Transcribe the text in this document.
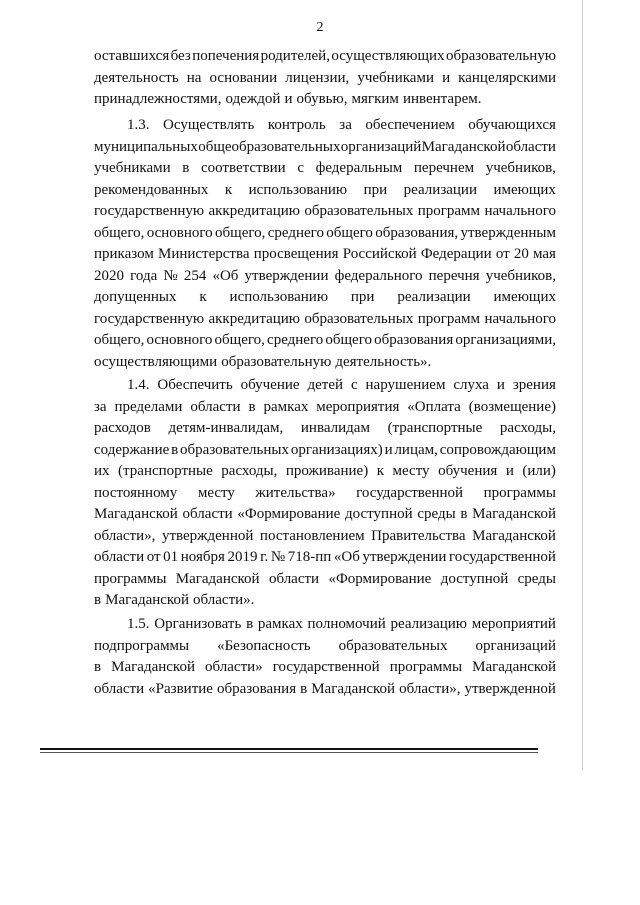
2
оставшихся без попечения родителей, осуществляющих образовательную
деятельность на основании лицензии, учебниками и канцелярскими
принадлежностями, одеждой и обувью, мягким инвентарем.
1.3. Осуществлять контроль за обеспечением обучающихся
муниципальных общеобразовательных организаций Магаданской области
учебниками в соответствии с федеральным перечнем учебников,
рекомендованных к использованию при реализации имеющих
государственную аккредитацию образовательных программ начального
общего, основного общего, среднего общего образования, утвержденным
приказом Министерства просвещения Российской Федерации от 20 мая
2020 года № 254 «Об утверждении федерального перечня учебников,
допущенных к использованию при реализации имеющих
государственную аккредитацию образовательных программ начального
общего, основного общего, среднего общего образования организациями,
осуществляющими образовательную деятельность».
1.4. Обеспечить обучение детей с нарушением слуха и зрения
за пределами области в рамках мероприятия «Оплата (возмещение)
расходов детям-инвалидам, инвалидам (транспортные расходы,
содержание в образовательных организациях) и лицам, сопровождающим
их (транспортные расходы, проживание) к месту обучения и (или)
постоянному месту жительства» государственной программы
Магаданской области «Формирование доступной среды в Магаданской
области», утвержденной постановлением Правительства Магаданской
области от 01 ноября 2019 г. № 718-пп «Об утверждении государственной
программы Магаданской области «Формирование доступной среды
в Магаданской области».
1.5. Организовать в рамках полномочий реализацию мероприятий
подпрограммы «Безопасность образовательных организаций
в Магаданской области» государственной программы Магаданской
области «Развитие образования в Магаданской области», утвержденной
